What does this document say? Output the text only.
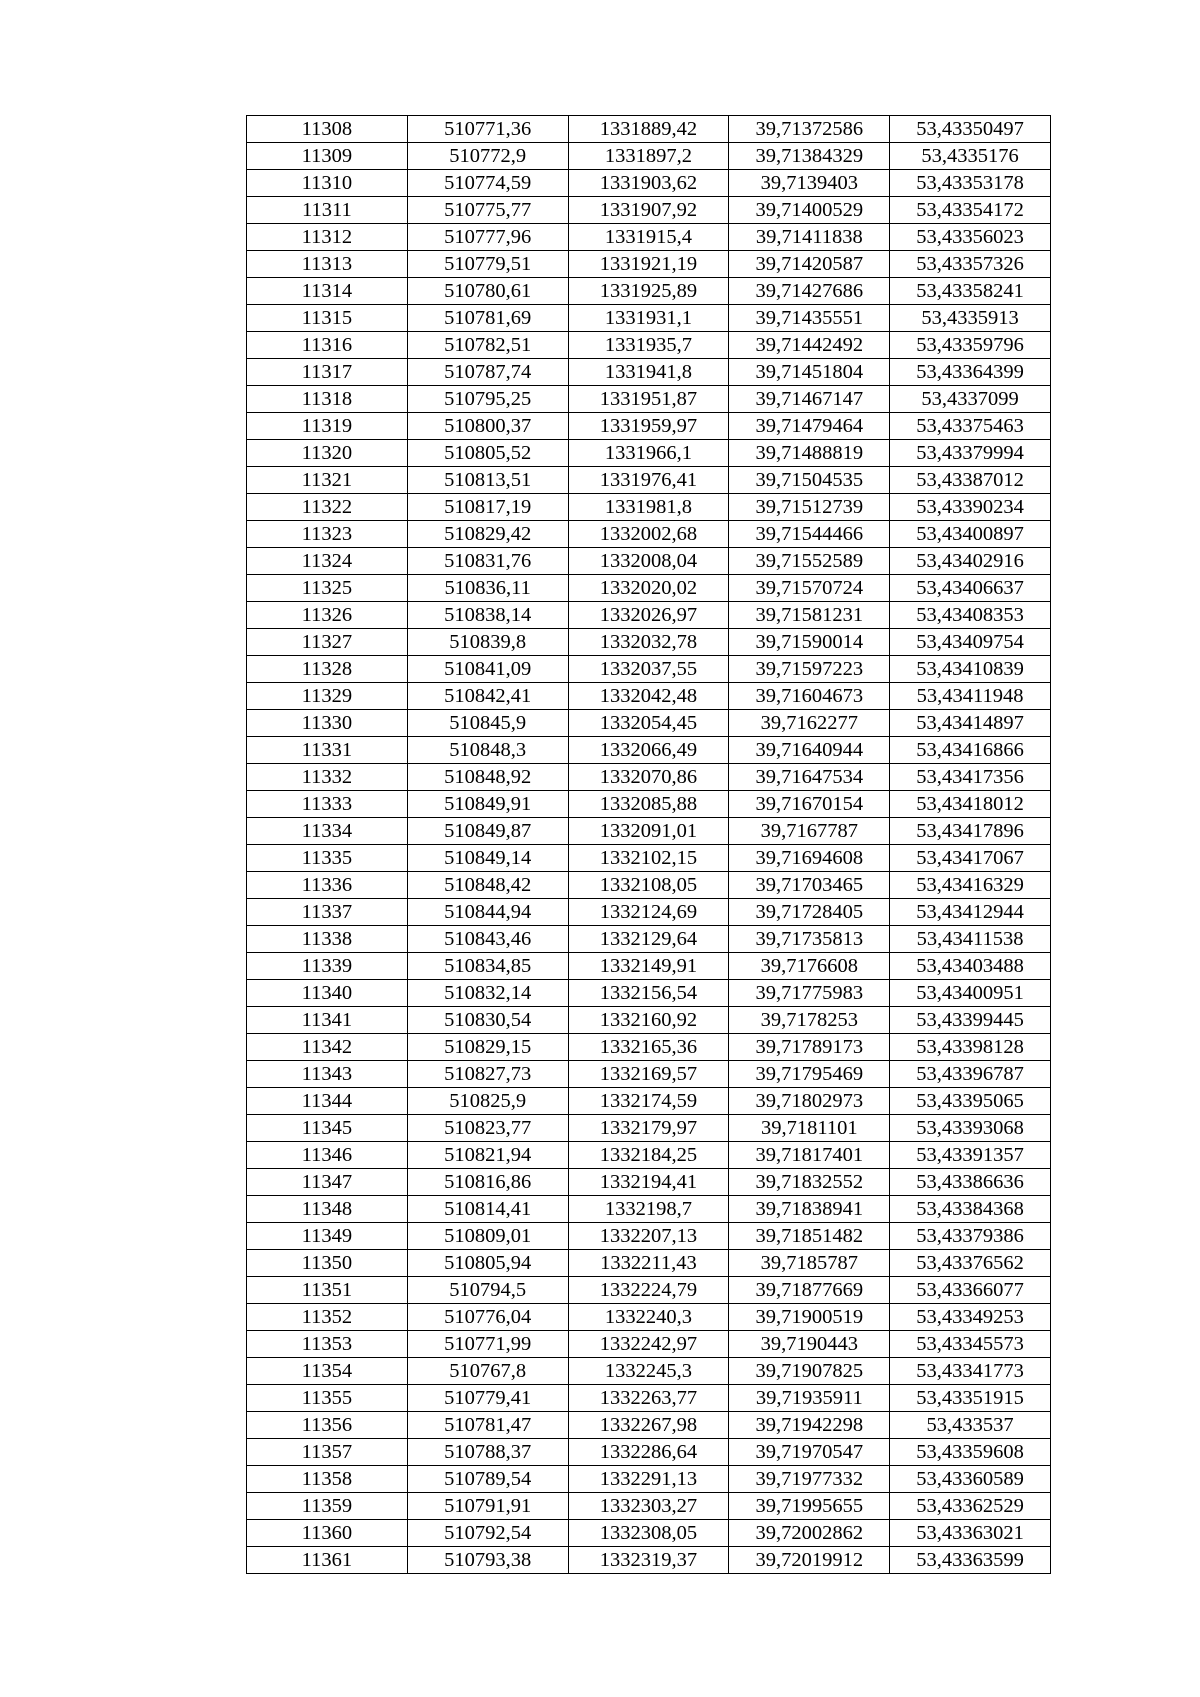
11308	510771,36	1331889,42	39,71372586	53,43350497
11309	510772,9	1331897,2	39,71384329	53,4335176
11310	510774,59	1331903,62	39,7139403	53,43353178
11311	510775,77	1331907,92	39,71400529	53,43354172
11312	510777,96	1331915,4	39,71411838	53,43356023
11313	510779,51	1331921,19	39,71420587	53,43357326
11314	510780,61	1331925,89	39,71427686	53,43358241
11315	510781,69	1331931,1	39,71435551	53,4335913
11316	510782,51	1331935,7	39,71442492	53,43359796
11317	510787,74	1331941,8	39,71451804	53,43364399
11318	510795,25	1331951,87	39,71467147	53,4337099
11319	510800,37	1331959,97	39,71479464	53,43375463
11320	510805,52	1331966,1	39,71488819	53,43379994
11321	510813,51	1331976,41	39,71504535	53,43387012
11322	510817,19	1331981,8	39,71512739	53,43390234
11323	510829,42	1332002,68	39,71544466	53,43400897
11324	510831,76	1332008,04	39,71552589	53,43402916
11325	510836,11	1332020,02	39,71570724	53,43406637
11326	510838,14	1332026,97	39,71581231	53,43408353
11327	510839,8	1332032,78	39,71590014	53,43409754
11328	510841,09	1332037,55	39,71597223	53,43410839
11329	510842,41	1332042,48	39,71604673	53,43411948
11330	510845,9	1332054,45	39,7162277	53,43414897
11331	510848,3	1332066,49	39,71640944	53,43416866
11332	510848,92	1332070,86	39,71647534	53,43417356
11333	510849,91	1332085,88	39,71670154	53,43418012
11334	510849,87	1332091,01	39,7167787	53,43417896
11335	510849,14	1332102,15	39,71694608	53,43417067
11336	510848,42	1332108,05	39,71703465	53,43416329
11337	510844,94	1332124,69	39,71728405	53,43412944
11338	510843,46	1332129,64	39,71735813	53,43411538
11339	510834,85	1332149,91	39,7176608	53,43403488
11340	510832,14	1332156,54	39,71775983	53,43400951
11341	510830,54	1332160,92	39,7178253	53,43399445
11342	510829,15	1332165,36	39,71789173	53,43398128
11343	510827,73	1332169,57	39,71795469	53,43396787
11344	510825,9	1332174,59	39,71802973	53,43395065
11345	510823,77	1332179,97	39,7181101	53,43393068
11346	510821,94	1332184,25	39,71817401	53,43391357
11347	510816,86	1332194,41	39,71832552	53,43386636
11348	510814,41	1332198,7	39,71838941	53,43384368
11349	510809,01	1332207,13	39,71851482	53,43379386
11350	510805,94	1332211,43	39,7185787	53,43376562
11351	510794,5	1332224,79	39,71877669	53,43366077
11352	510776,04	1332240,3	39,71900519	53,43349253
11353	510771,99	1332242,97	39,7190443	53,43345573
11354	510767,8	1332245,3	39,71907825	53,43341773
11355	510779,41	1332263,77	39,71935911	53,43351915
11356	510781,47	1332267,98	39,71942298	53,433537
11357	510788,37	1332286,64	39,71970547	53,43359608
11358	510789,54	1332291,13	39,71977332	53,43360589
11359	510791,91	1332303,27	39,71995655	53,43362529
11360	510792,54	1332308,05	39,72002862	53,43363021
11361	510793,38	1332319,37	39,72019912	53,43363599
